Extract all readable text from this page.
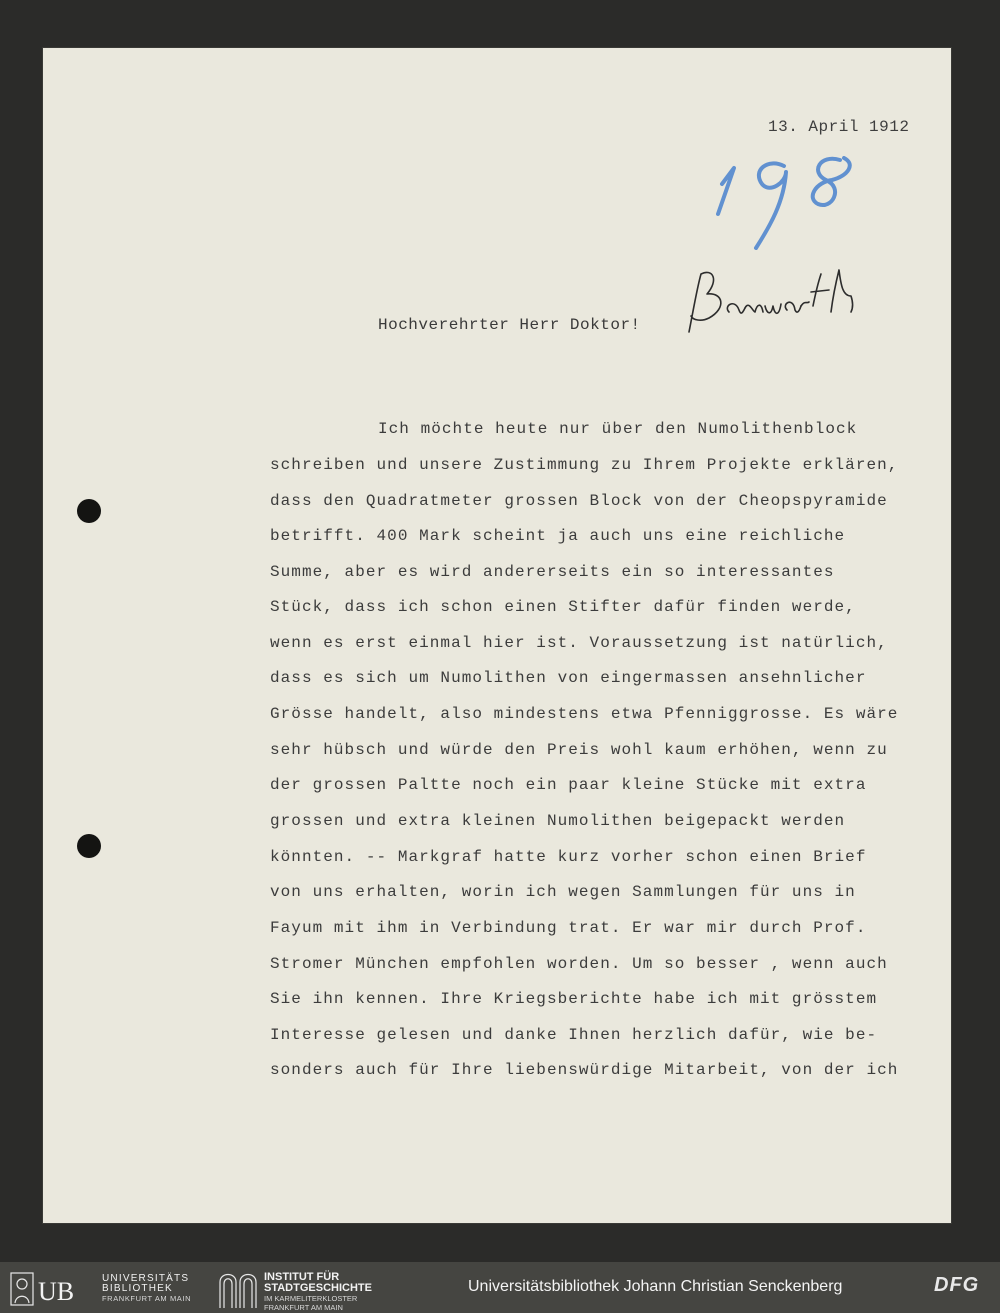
13. April 1912
Hochverehrter Herr Doktor!
Ich möchte heute nur über den Numolithenblock
schreiben und unsere Zustimmung zu Ihrem Projekte erklären,
dass den Quadratmeter grossen Block von der Cheopspyramide
betrifft. 400 Mark scheint ja auch uns eine reichliche
Summe, aber es wird andererseits ein so interessantes
Stück, dass ich schon einen Stifter dafür finden werde,
wenn es erst einmal hier ist. Voraussetzung ist natürlich,
dass es sich um Numolithen von eingermassen ansehnlicher
Grösse handelt, also mindestens etwa Pfenniggrosse. Es wäre
sehr hübsch und würde den Preis wohl kaum erhöhen, wenn zu
der grossen Paltte noch ein paar kleine Stücke mit extra
grossen und extra kleinen Numolithen beigepackt werden
könnten. -- Markgraf hatte kurz vorher schon einen Brief
von uns erhalten, worin ich wegen Sammlungen für uns in
Fayum mit ihm in Verbindung trat. Er war mir durch Prof.
Stromer München empfohlen worden. Um so besser , wenn auch
Sie ihn kennen. Ihre Kriegsberichte habe ich mit grösstem
Interesse gelesen und danke Ihnen herzlich dafür, wie be-
sonders auch für Ihre liebenswürdige Mitarbeit, von der ich
UB	UNIVERSITÄTS
BIBLIOTHEK
FRANKFURT AM MAIN
INSTITUT FÜR
STADTGESCHICHTE
IM KARMELITERKLOSTER
FRANKFURT AM MAIN
Universitätsbibliothek Johann Christian Senckenberg	DFG
